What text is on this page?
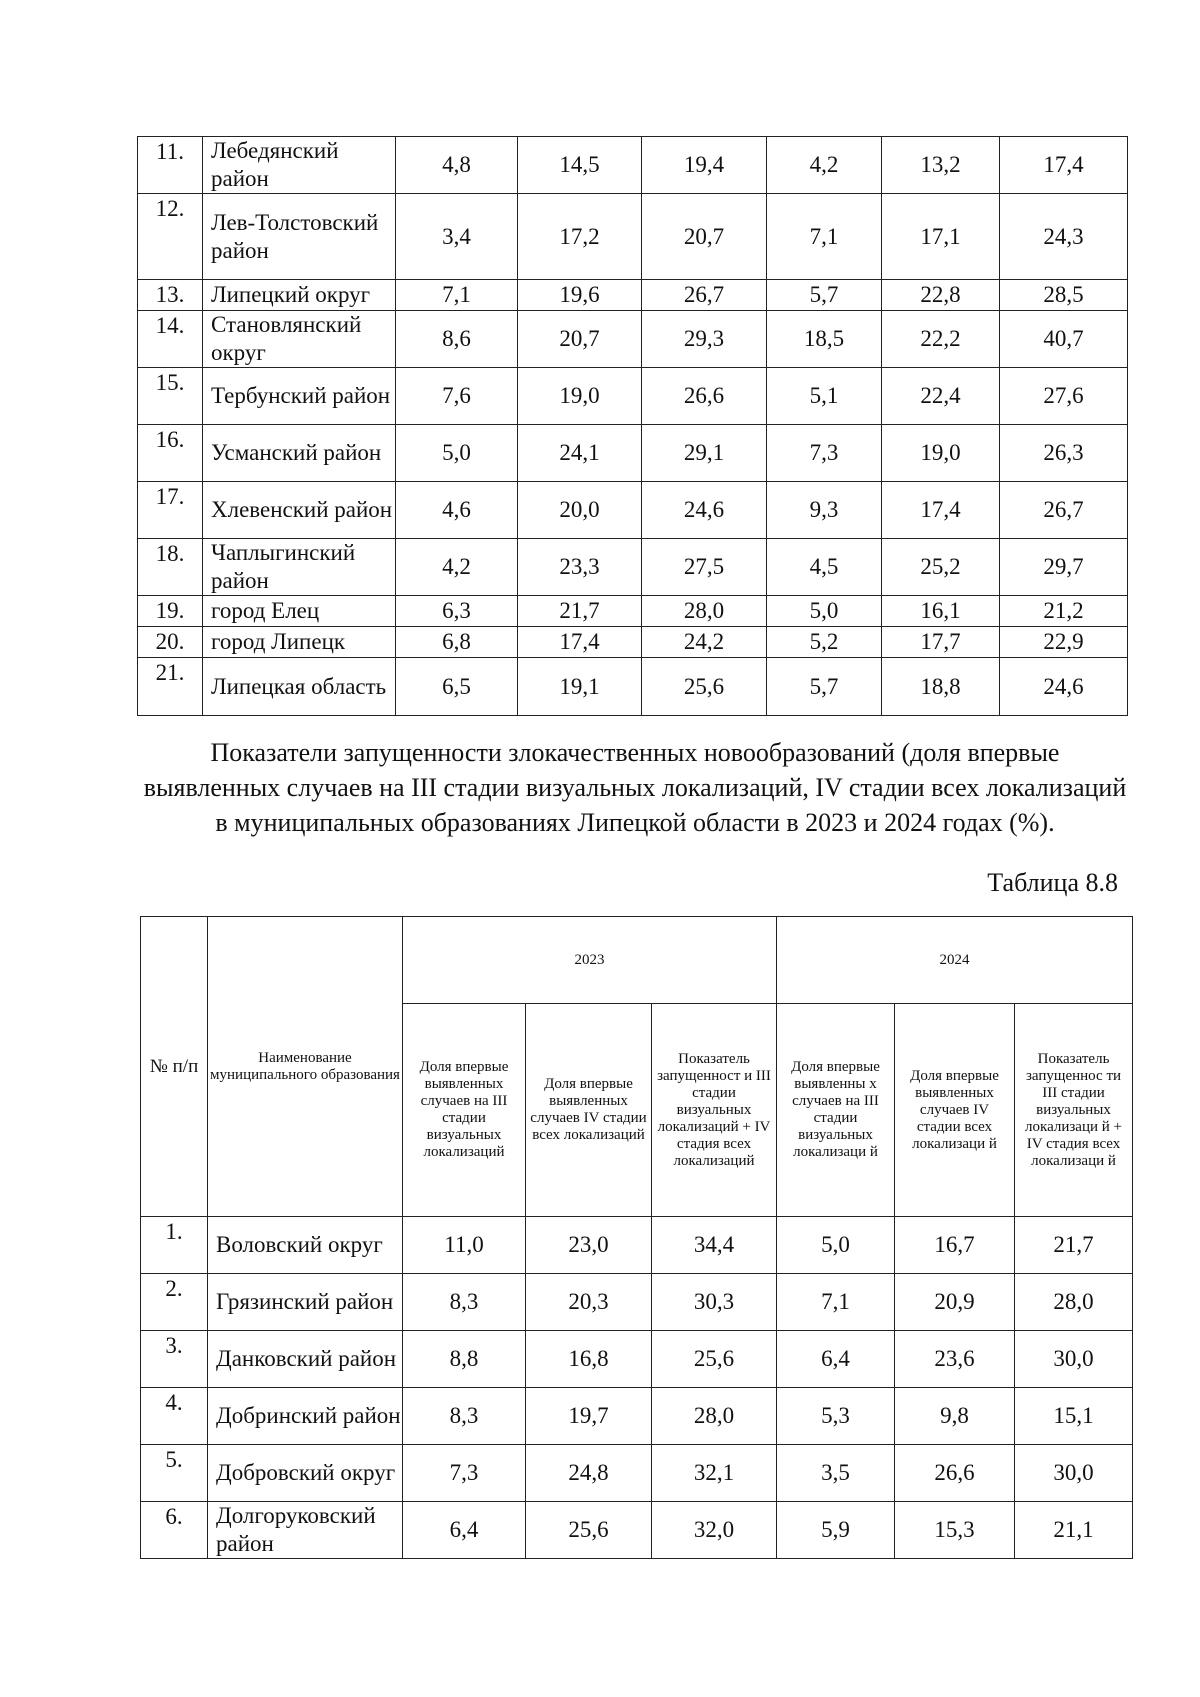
11.	Лебедянский район	4,8	14,5	19,4	4,2	13,2	17,4
12.	Лев-Толстовский район	3,4	17,2	20,7	7,1	17,1	24,3
13.	Липецкий округ	7,1	19,6	26,7	5,7	22,8	28,5
14.	Становлянский округ	8,6	20,7	29,3	18,5	22,2	40,7
15.	Тербунский район	7,6	19,0	26,6	5,1	22,4	27,6
16.	Усманский район	5,0	24,1	29,1	7,3	19,0	26,3
17.	Хлевенский район	4,6	20,0	24,6	9,3	17,4	26,7
18.	Чаплыгинский район	4,2	23,3	27,5	4,5	25,2	29,7
19.	город Елец	6,3	21,7	28,0	5,0	16,1	21,2
20.	город Липецк	6,8	17,4	24,2	5,2	17,7	22,9
21.	Липецкая область	6,5	19,1	25,6	5,7	18,8	24,6
Показатели запущенности злокачественных новообразований (доля впервые выявленных случаев на III стадии визуальных локализаций, IV стадии всех локализаций в муниципальных образованиях Липецкой области в 2023 и 2024 годах (%).
Таблица 8.8
№ п/п	Наименование муниципального образования	2023			2024		
		Доля впервые выявленных случаев на III стадии визуальных локализаций	Доля впервые выявленных случаев IV стадии всех локализаций	Показатель запущенност и III стадии визуальных локализаций + IV стадия всех локализаций	Доля впервые выявленны х случаев на III стадии визуальных локализаци й	Доля впервые выявленных случаев IV стадии всех локализаци й	Показатель запущеннос ти III стадии визуальных локализаци й + IV стадия всех локализаци й
1.	Воловский округ	11,0	23,0	34,4	5,0	16,7	21,7
2.	Грязинский район	8,3	20,3	30,3	7,1	20,9	28,0
3.	Данковский район	8,8	16,8	25,6	6,4	23,6	30,0
4.	Добринский район	8,3	19,7	28,0	5,3	9,8	15,1
5.	Добровский округ	7,3	24,8	32,1	3,5	26,6	30,0
6.	Долгоруковский район	6,4	25,6	32,0	5,9	15,3	21,1
